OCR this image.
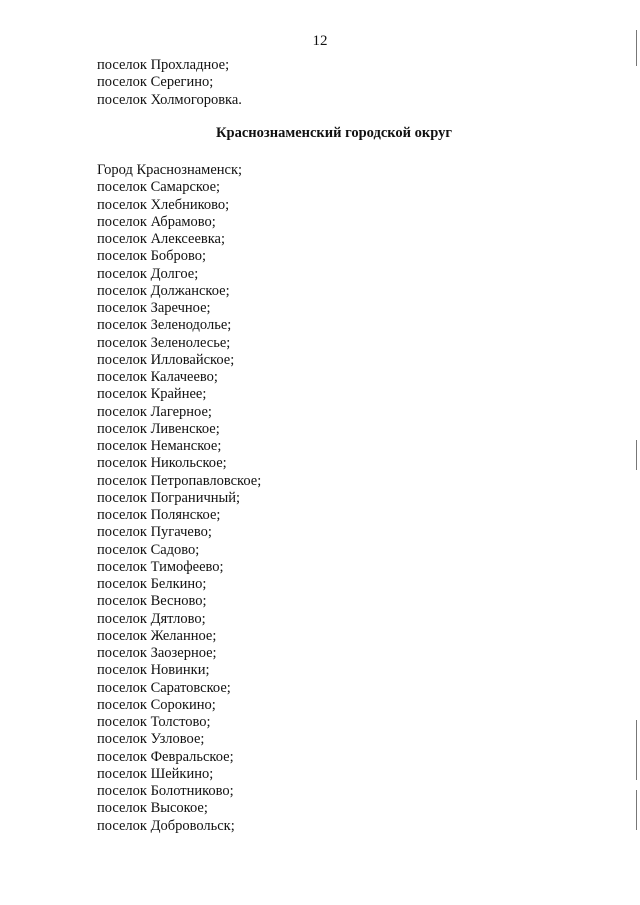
12
поселок Прохладное;
поселок Серегино;
поселок Холмогоровка.
Краснознаменский городской округ
Город Краснознаменск;
поселок Самарское;
поселок Хлебниково;
поселок Абрамово;
поселок Алексеевка;
поселок Боброво;
поселок Долгое;
поселок Должанское;
поселок Заречное;
поселок Зеленодолье;
поселок Зеленолесье;
поселок Илловайское;
поселок Калачеево;
поселок Крайнее;
поселок Лагерное;
поселок Ливенское;
поселок Неманское;
поселок Никольское;
поселок Петропавловское;
поселок Пограничный;
поселок Полянское;
поселок Пугачево;
поселок Садово;
поселок Тимофеево;
поселок Белкино;
поселок Весново;
поселок Дятлово;
поселок Желанное;
поселок Заозерное;
поселок Новинки;
поселок Саратовское;
поселок Сорокино;
поселок Толстово;
поселок Узловое;
поселок Февральское;
поселок Шейкино;
поселок Болотниково;
поселок Высокое;
поселок Добровольск;
